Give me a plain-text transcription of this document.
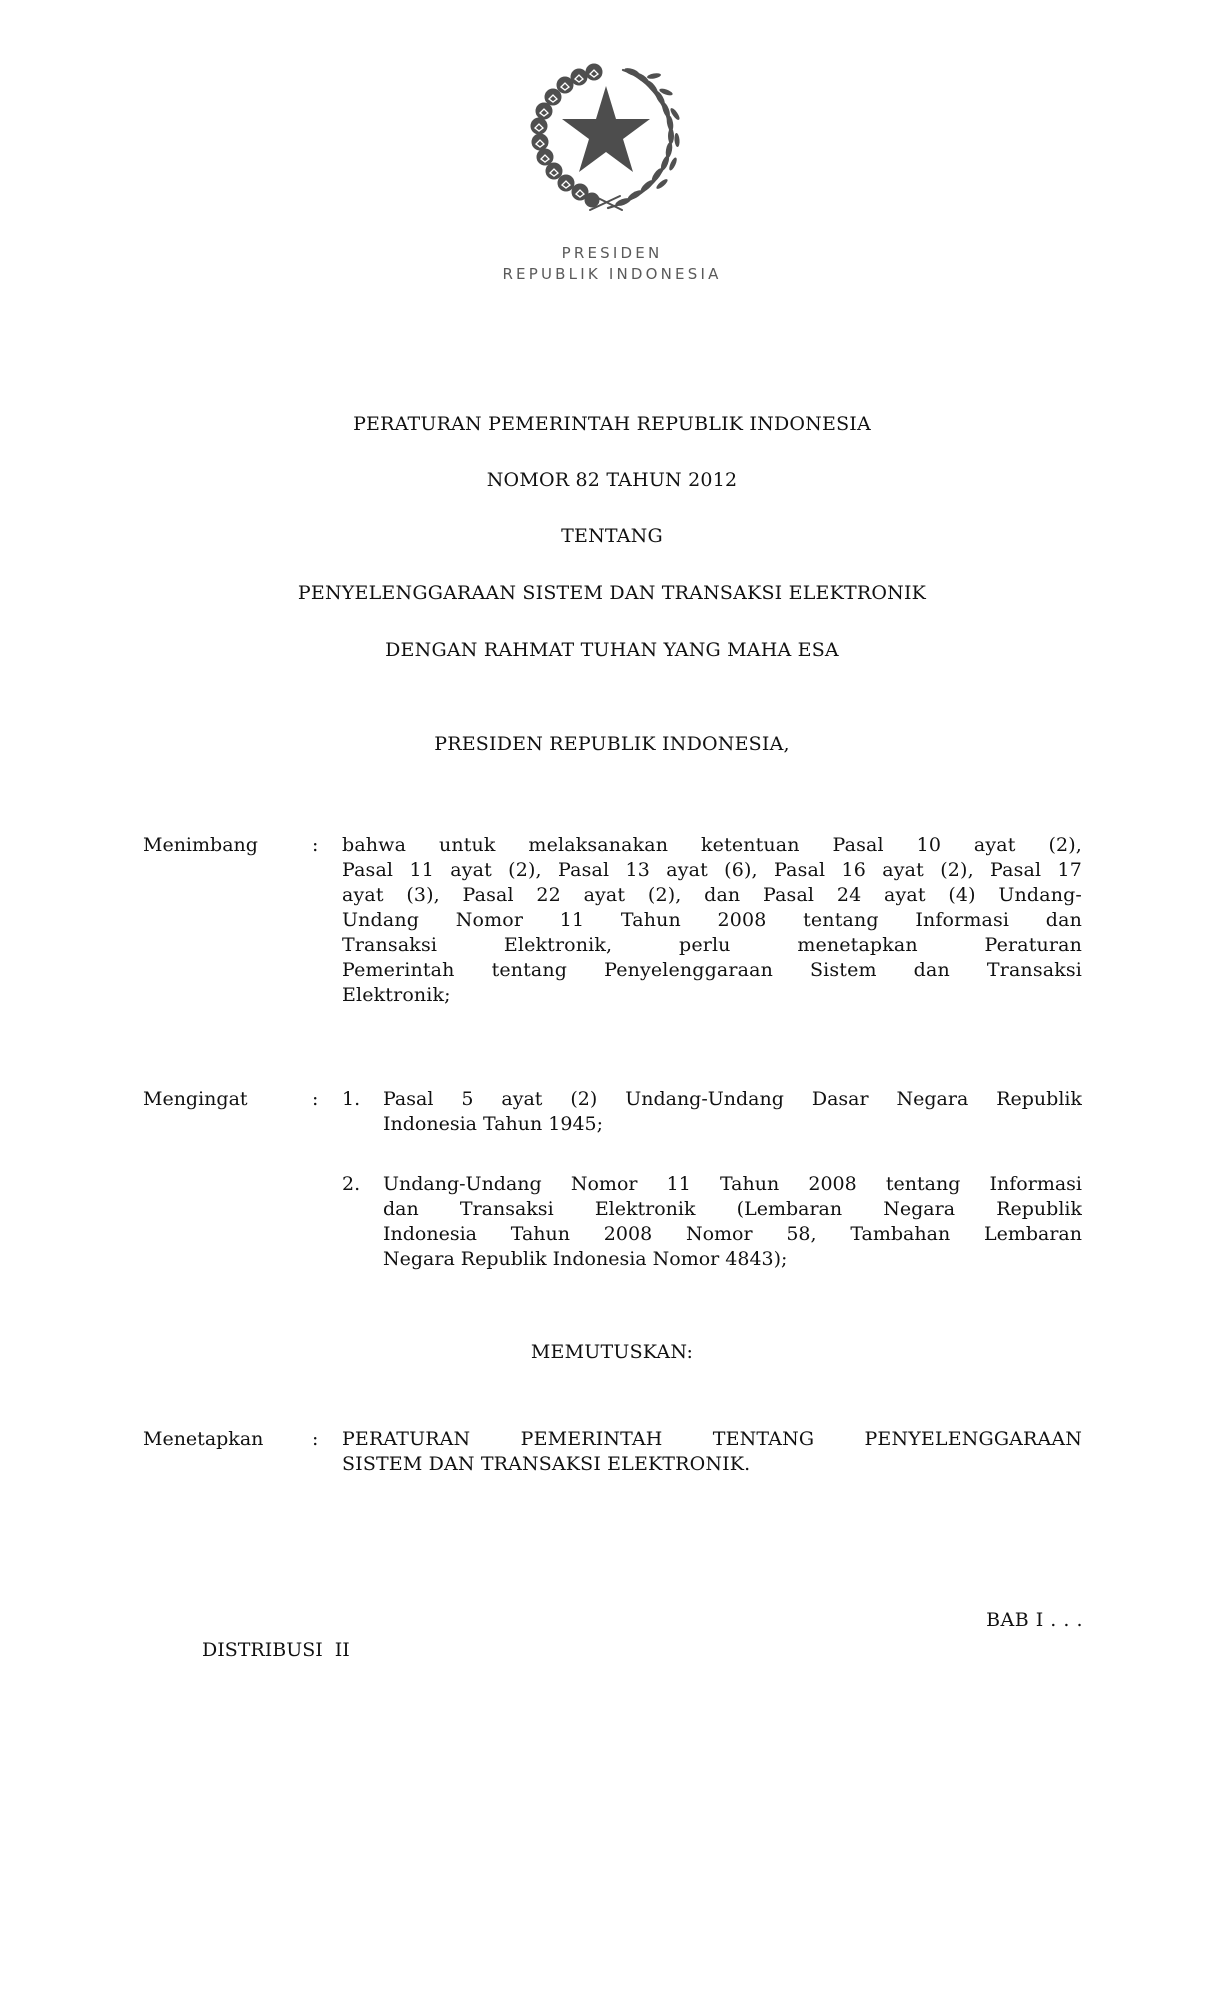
PRESIDEN
REPUBLIK INDONESIA
PERATURAN PEMERINTAH REPUBLIK INDONESIA
NOMOR 82 TAHUN 2012
TENTANG
PENYELENGGARAAN SISTEM DAN TRANSAKSI ELEKTRONIK
DENGAN RAHMAT TUHAN YANG MAHA ESA
PRESIDEN REPUBLIK INDONESIA,
Menimbang	: bahwa untuk melaksanakan ketentuan Pasal 10 ayat (2),
Pasal 11 ayat (2), Pasal 13 ayat (6), Pasal 16 ayat (2), Pasal 17
ayat (3), Pasal 22 ayat (2), dan Pasal 24 ayat (4) Undang-
Undang Nomor 11 Tahun 2008 tentang Informasi dan
Transaksi Elektronik, perlu menetapkan Peraturan
Pemerintah tentang Penyelenggaraan Sistem dan Transaksi
Elektronik;
Mengingat	: 1. Pasal 5 ayat (2) Undang-Undang Dasar Negara Republik
Indonesia Tahun 1945;
2. Undang-Undang Nomor 11 Tahun 2008 tentang Informasi
dan Transaksi Elektronik (Lembaran Negara Republik
Indonesia Tahun 2008 Nomor 58, Tambahan Lembaran
Negara Republik Indonesia Nomor 4843);
MEMUTUSKAN:
Menetapkan	: PERATURAN PEMERINTAH TENTANG PENYELENGGARAAN
SISTEM DAN TRANSAKSI ELEKTRONIK.
BAB I . . .
DISTRIBUSI II
